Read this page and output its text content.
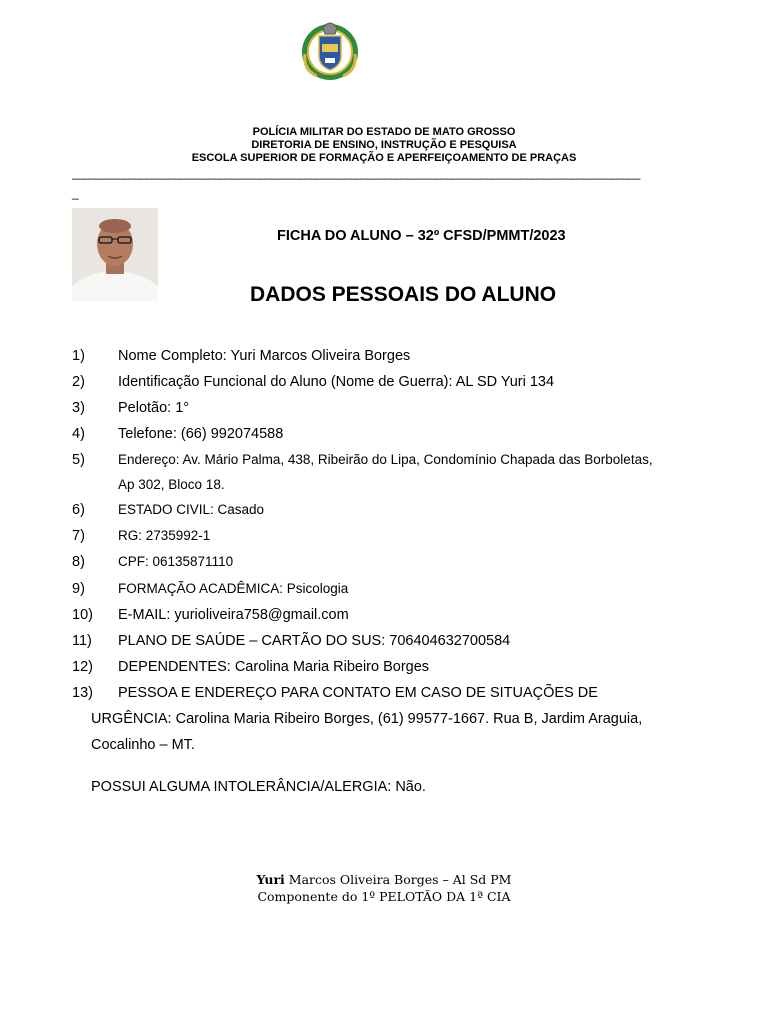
POLÍCIA MILITAR DO ESTADO DE MATO GROSSO
DIRETORIA DE ENSINO, INSTRUÇÃO E PESQUISA
ESCOLA SUPERIOR DE FORMAÇÃO E APERFEIÇOAMENTO DE PRAÇAS
____________________________________________________________________________________________________
_
FICHA DO ALUNO – 32º CFSD/PMMT/2023
DADOS PESSOAIS DO ALUNO
1) Nome Completo: Yuri Marcos Oliveira Borges
2) Identificação Funcional do Aluno (Nome de Guerra): AL SD Yuri 134
3) Pelotão: 1°
4) Telefone: (66) 992074588
5) Endereço: Av. Mário Palma, 438, Ribeirão do Lipa, Condomínio Chapada das Borboletas,
Ap 302, Bloco 18.
6) ESTADO CIVIL: Casado
7) RG: 2735992-1
8) CPF: 06135871110
9) FORMAÇÃO ACADÊMICA: Psicologia
10) E-MAIL: yurioliveira758@gmail.com
11) PLANO DE SAÚDE – CARTÃO DO SUS: 706404632700584
12) DEPENDENTES: Carolina Maria Ribeiro Borges
13) PESSOA E ENDEREÇO PARA CONTATO EM CASO DE SITUAÇÕES DE
URGÊNCIA: Carolina Maria Ribeiro Borges, (61) 99577-1667. Rua B, Jardim Araguia,
Cocalinho – MT.
POSSUI ALGUMA INTOLERÂNCIA/ALERGIA: Não.
Yuri Marcos Oliveira Borges – Al Sd PM
Componente do 1º PELOTÃO DA 1ª CIA
